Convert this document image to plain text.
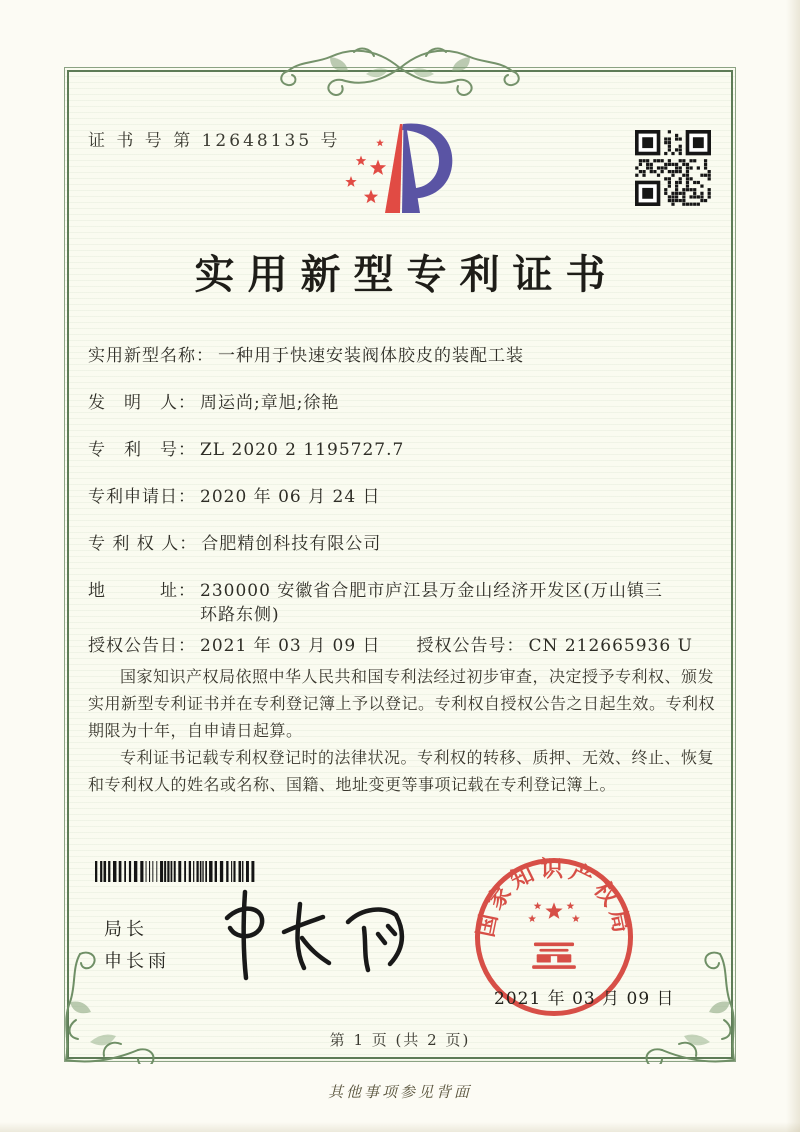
证 书 号 第 12648135 号
实用新型专利证书
实用新型名称： 一种用于快速安装阀体胶皮的装配工装
发　明　人： 周运尚;章旭;徐艳
专　利　号： ZL 2020 2 1195727.7
专利申请日： 2020 年 06 月 24 日
专 利 权 人： 合肥精创科技有限公司
地　　　址： 230000 安徽省合肥市庐江县万金山经济开发区(万山镇三环路东侧)
授权公告日： 2021 年 03 月 09 日 授权公告号： CN 212665936 U

国家知识产权局依照中华人民共和国专利法经过初步审查，决定授予专利权、颁发实用新型专利证书并在专利登记簿上予以登记。专利权自授权公告之日起生效。专利权期限为十年，自申请日起算。

专利证书记载专利权登记时的法律状况。专利权的转移、质押、无效、终止、恢复和专利权人的姓名或名称、国籍、地址变更等事项记载在专利登记簿上。

局长
申长雨
国家知识产权局
2021 年 03 月 09 日
第 1 页 (共 2 页)
其他事项参见背面
